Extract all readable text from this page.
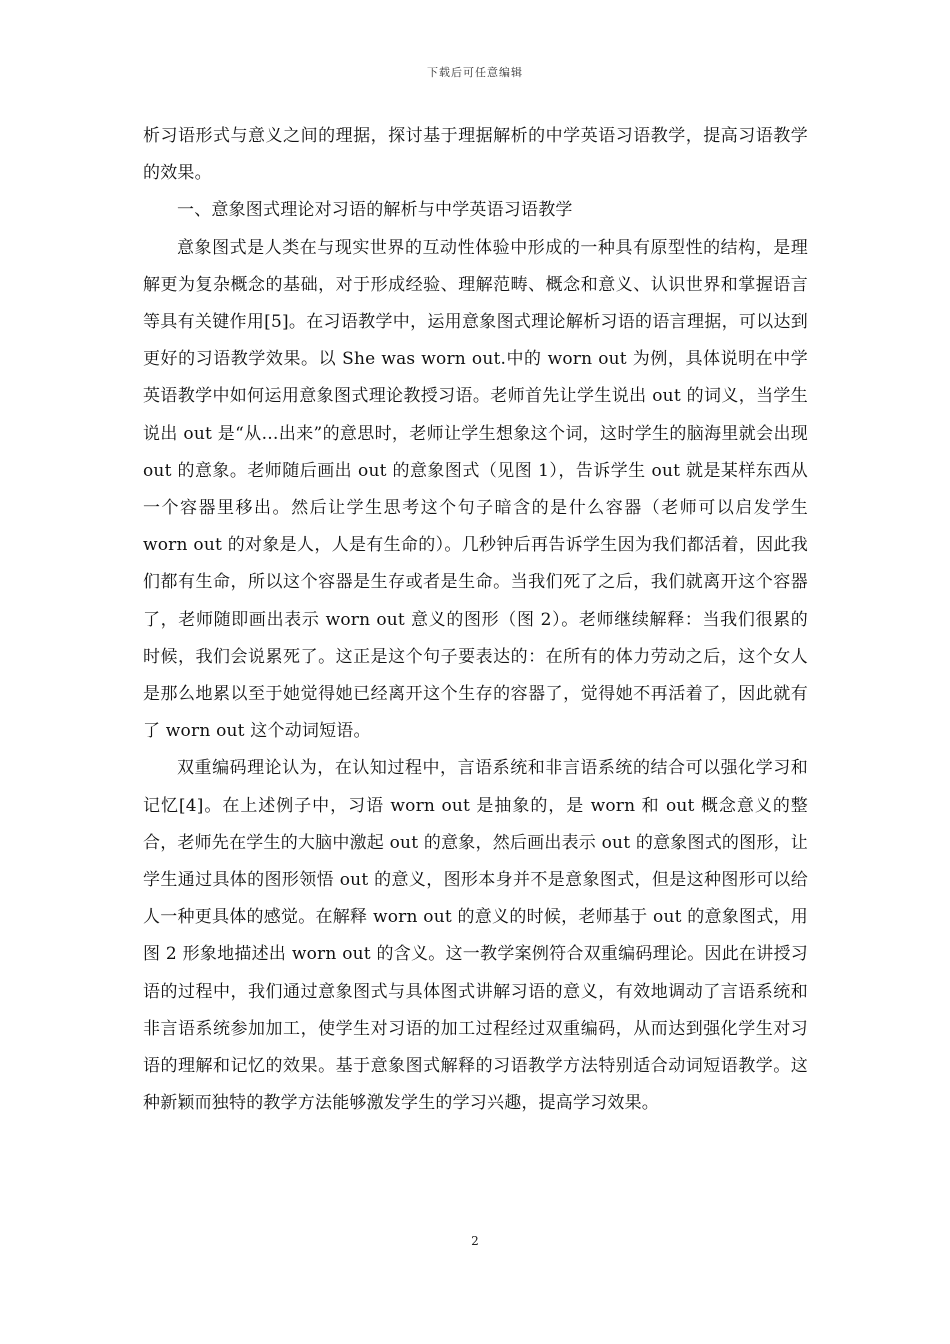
下载后可任意编辑

析习语形式与意义之间的理据，探讨基于理据解析的中学英语习语教学，提高习语教学的效果。

一、意象图式理论对习语的解析与中学英语习语教学

意象图式是人类在与现实世界的互动性体验中形成的一种具有原型性的结构，是理解更为复杂概念的基础，对于形成经验、理解范畴、概念和意义、认识世界和掌握语言等具有关键作用[5]。在习语教学中，运用意象图式理论解析习语的语言理据，可以达到更好的习语教学效果。以 She was worn out.中的 worn out 为例，具体说明在中学英语教学中如何运用意象图式理论教授习语。老师首先让学生说出 out 的词义，当学生说出 out 是“从…出来”的意思时，老师让学生想象这个词，这时学生的脑海里就会出现 out 的意象。老师随后画出 out 的意象图式（见图 1），告诉学生 out 就是某样东西从一个容器里移出。然后让学生思考这个句子暗含的是什么容器（老师可以启发学生 worn out 的对象是人，人是有生命的）。几秒钟后再告诉学生因为我们都活着，因此我们都有生命，所以这个容器是生存或者是生命。当我们死了之后，我们就离开这个容器了，老师随即画出表示 worn out 意义的图形（图 2）。老师继续解释：当我们很累的时候，我们会说累死了。这正是这个句子要表达的：在所有的体力劳动之后，这个女人是那么地累以至于她觉得她已经离开这个生存的容器了，觉得她不再活着了，因此就有了 worn out 这个动词短语。

双重编码理论认为，在认知过程中，言语系统和非言语系统的结合可以强化学习和记忆[4]。在上述例子中，习语 worn out 是抽象的，是 worn 和 out 概念意义的整合，老师先在学生的大脑中激起 out 的意象，然后画出表示 out 的意象图式的图形，让学生通过具体的图形领悟 out 的意义，图形本身并不是意象图式，但是这种图形可以给人一种更具体的感觉。在解释 worn out 的意义的时候，老师基于 out 的意象图式，用图 2 形象地描述出 worn out 的含义。这一教学案例符合双重编码理论。因此在讲授习语的过程中，我们通过意象图式与具体图式讲解习语的意义，有效地调动了言语系统和非言语系统参加加工，使学生对习语的加工过程经过双重编码，从而达到强化学生对习语的理解和记忆的效果。基于意象图式解释的习语教学方法特别适合动词短语教学。这种新颖而独特的教学方法能够激发学生的学习兴趣，提高学习效果。

2
